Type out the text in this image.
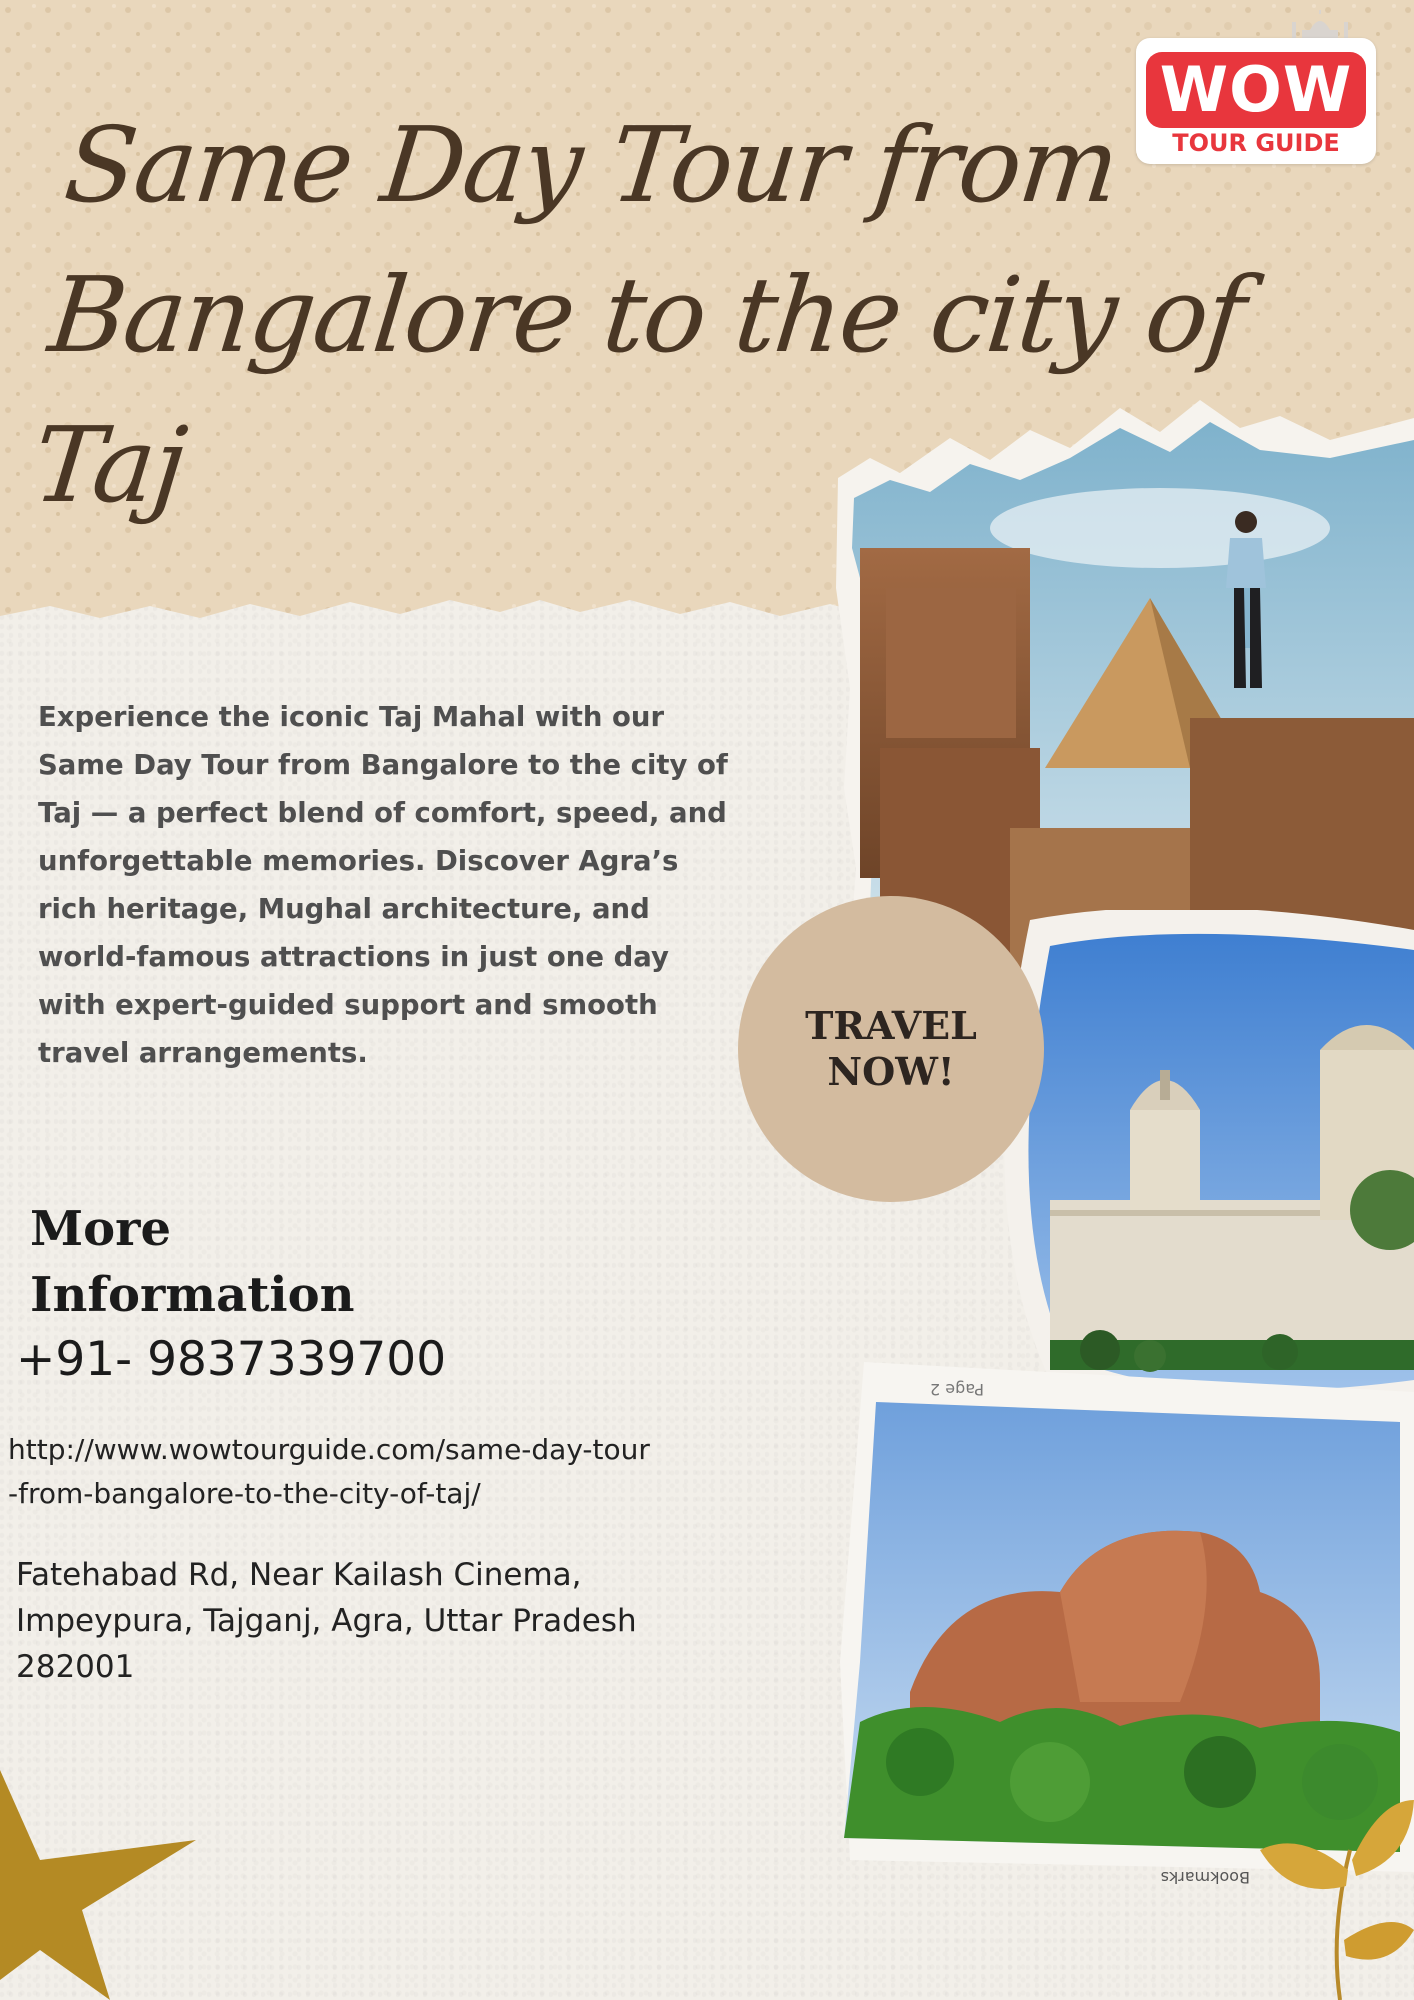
Same Day Tour from Bangalore to the city of Taj
WOW
TOUR GUIDE
TRAVEL
NOW!
Page 2
Bookmarks

Experience the iconic Taj Mahal with our Same Day Tour from Bangalore to the city of Taj — a perfect blend of comfort, speed, and unforgettable memories. Discover Agra’s rich heritage, Mughal architecture, and world-famous attractions in just one day with expert-guided support and smooth travel arrangements.

More
Information
+91- 9837339700
http://www.wowtourguide.com/same-day-tour-from-bangalore-to-the-city-of-taj/
Fatehabad Rd, Near Kailash Cinema,
Impeypura, Tajganj, Agra, Uttar Pradesh
282001
